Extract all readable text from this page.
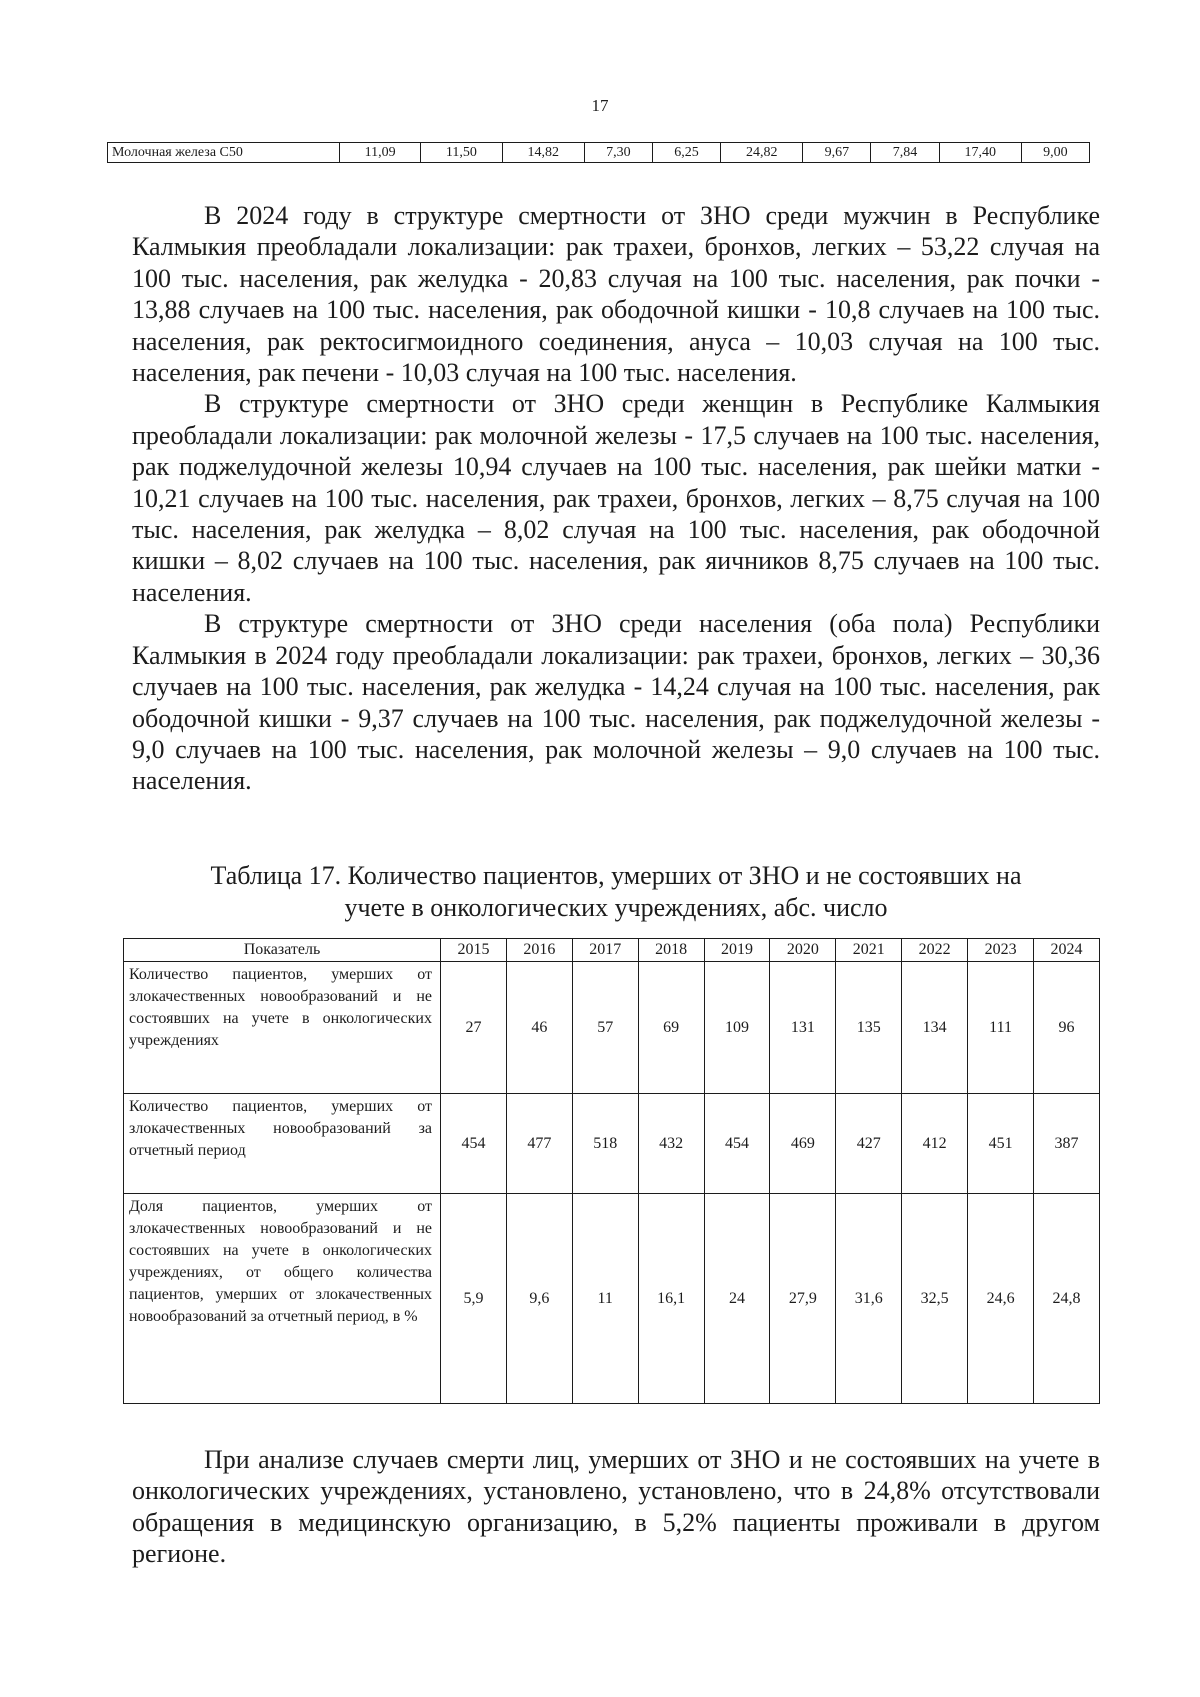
17
Молочная железа С50	11,09	11,50	14,82	7,30	6,25	24,82	9,67	7,84	17,40	9,00

В 2024 году в структуре смертности от ЗНО среди мужчин в Республике Калмыкия преобладали локализации: рак трахеи, бронхов, легких – 53,22 случая на 100 тыс. населения, рак желудка - 20,83 случая на 100 тыс. населения, рак почки - 13,88 случаев на 100 тыс. населения, рак ободочной кишки - 10,8 случаев на 100 тыс. населения, рак ректосигмоидного соединения, ануса – 10,03 случая на 100 тыс. населения, рак печени - 10,03 случая на 100 тыс. населения.

В структуре смертности от ЗНО среди женщин в Республике Калмыкия преобладали локализации: рак молочной железы - 17,5 случаев на 100 тыс. населения, рак поджелудочной железы 10,94 случаев на 100 тыс. населения, рак шейки матки - 10,21 случаев на 100 тыс. населения, рак трахеи, бронхов, легких – 8,75 случая на 100 тыс. населения, рак желудка – 8,02 случая на 100 тыс. населения, рак ободочной кишки – 8,02 случаев на 100 тыс. населения, рак яичников 8,75 случаев на 100 тыс. населения.

В структуре смертности от ЗНО среди населения (оба пола) Республики Калмыкия в 2024 году преобладали локализации: рак трахеи, бронхов, легких – 30,36 случаев на 100 тыс. населения, рак желудка - 14,24 случая на 100 тыс. населения, рак ободочной кишки - 9,37 случаев на 100 тыс. населения, рак поджелудочной железы - 9,0 случаев на 100 тыс. населения, рак молочной железы – 9,0 случаев на 100 тыс. населения.

Таблица 17. Количество пациентов, умерших от ЗНО и не состоявших на
учете в онкологических учреждениях, абс. число
Показатель	2015	2016	2017	2018	2019	2020	2021	2022	2023	2024
Количество пациентов, умерших от злокачественных новообразований и не состоявших на учете в онкологических учреждениях	27	46	57	69	109	131	135	134	111	96
Количество пациентов, умерших от злокачественных новообразований за отчетный период	454	477	518	432	454	469	427	412	451	387
Доля пациентов, умерших от злокачественных новообразований и не состоявших на учете в онкологических учреждениях, от общего количества пациентов, умерших от злокачественных новообразований за отчетный период, в %	5,9	9,6	11	16,1	24	27,9	31,6	32,5	24,6	24,8

При анализе случаев смерти лиц, умерших от ЗНО и не состоявших на учете в онкологических учреждениях, установлено, установлено, что в 24,8% отсутствовали обращения в медицинскую организацию, в 5,2% пациенты проживали в другом регионе.
